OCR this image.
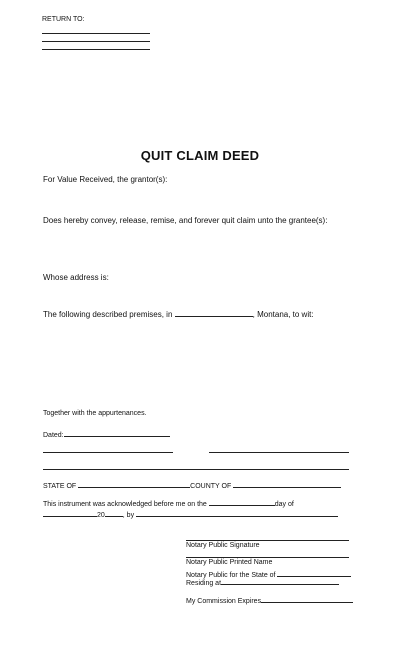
RETURN TO:
QUIT CLAIM DEED
For Value Received, the grantor(s):
Does hereby convey, release, remise, and forever quit claim unto the grantee(s):
Whose address is:
The following described premises, in	, Montana, to wit:
Together with the appurtenances.
Dated:
STATE OF	COUNTY OF
This instrument was acknowledged before me on the	day of
20	, by
Notary Public Signature
Notary Public Printed Name
Notary Public for the State of
Residing at
My Commission Expires
